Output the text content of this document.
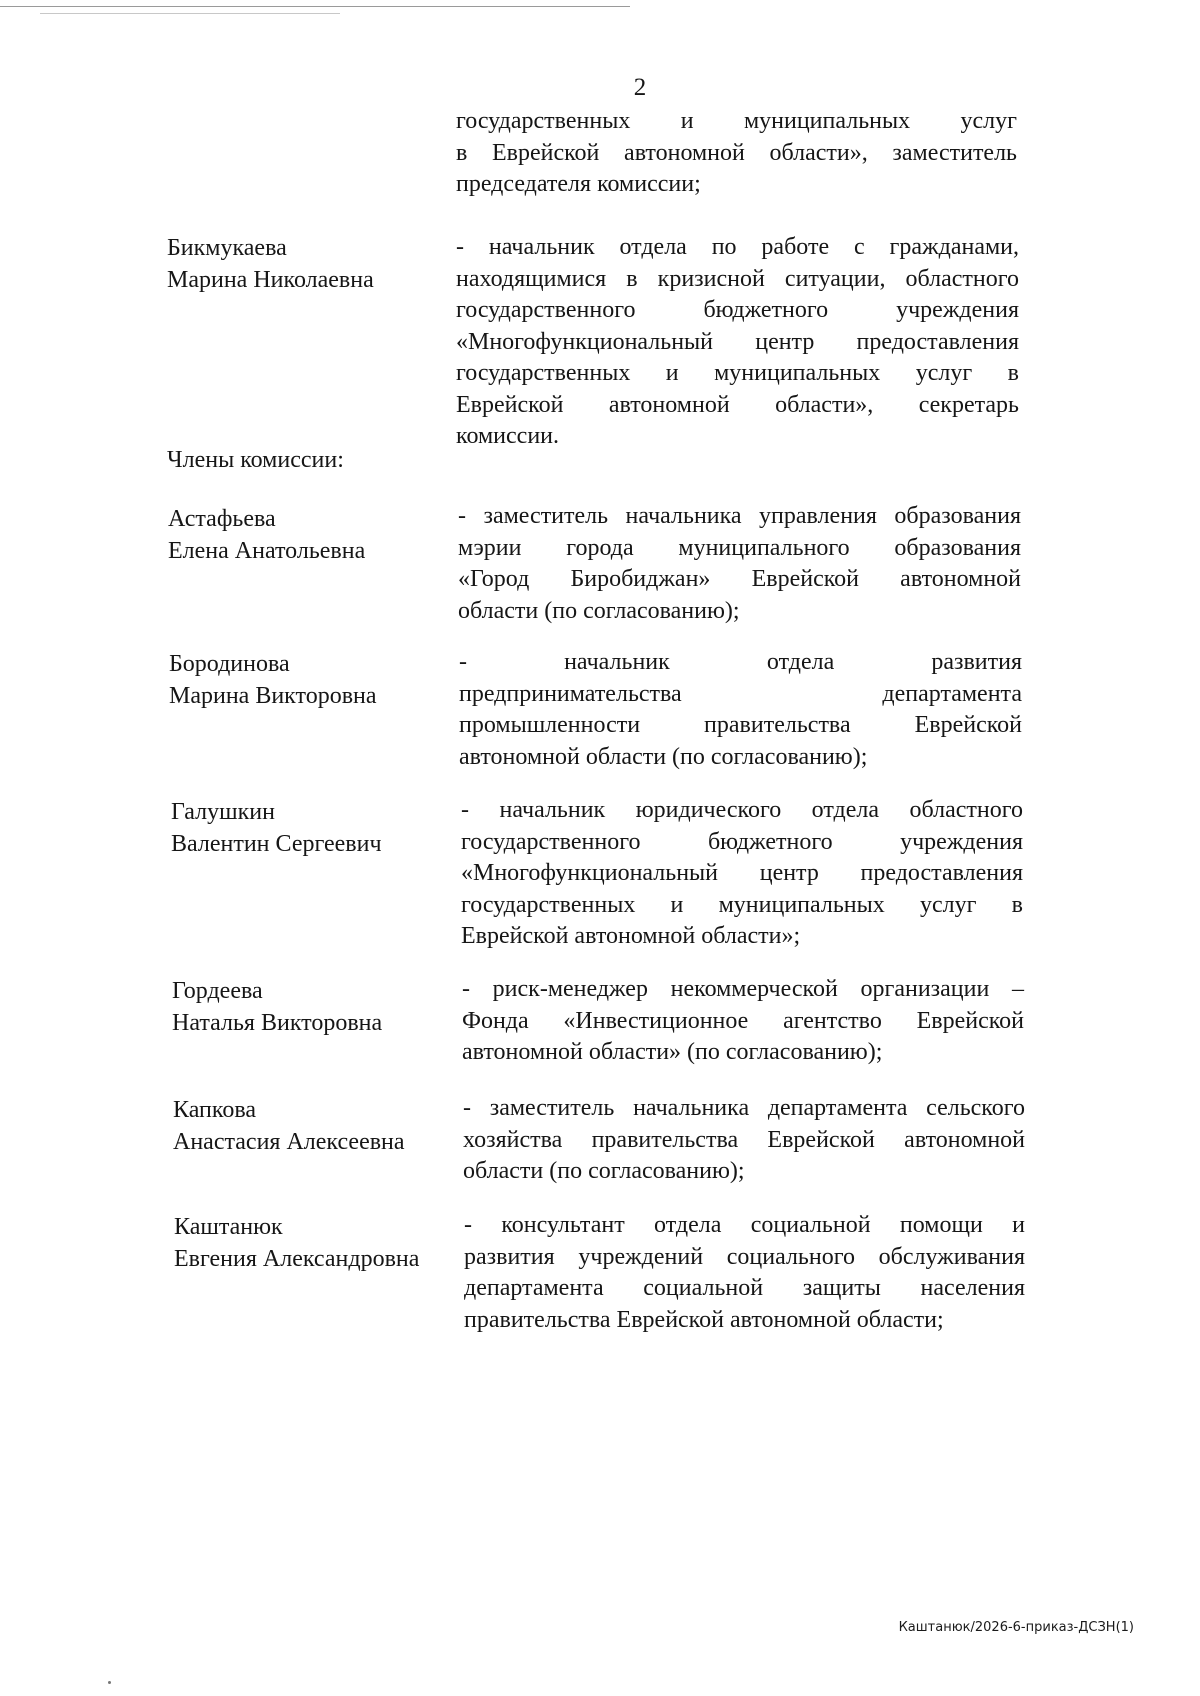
2
государственных и муниципальных услуг
в Еврейской автономной области», заместитель
председателя комиссии;
Бикмукаева
Марина Николаевна
- начальник отдела по работе с гражданами,
находящимися в кризисной ситуации, областного
государственного бюджетного учреждения
«Многофункциональный центр предоставления
государственных и муниципальных услуг в
Еврейской автономной области», секретарь
комиссии.
Члены комиссии:
Астафьева
Елена Анатольевна
- заместитель начальника управления образования
мэрии города муниципального образования
«Город Биробиджан» Еврейской автономной
области (по согласованию);
Бородинова
Марина Викторовна
- начальник отдела развития
предпринимательства департамента
промышленности правительства Еврейской
автономной области (по согласованию);
Галушкин
Валентин Сергеевич
- начальник юридического отдела областного
государственного бюджетного учреждения
«Многофункциональный центр предоставления
государственных и муниципальных услуг в
Еврейской автономной области»;
Гордеева
Наталья Викторовна
- риск-менеджер некоммерческой организации –
Фонда «Инвестиционное агентство Еврейской
автономной области» (по согласованию);
Капкова
Анастасия Алексеевна
- заместитель начальника департамента сельского
хозяйства правительства Еврейской автономной
области (по согласованию);
Каштанюк
Евгения Александровна
- консультант отдела социальной помощи и
развития учреждений социального обслуживания
департамента социальной защиты населения
правительства Еврейской автономной области;
Каштанюк/2026-6-приказ-ДСЗН(1)
